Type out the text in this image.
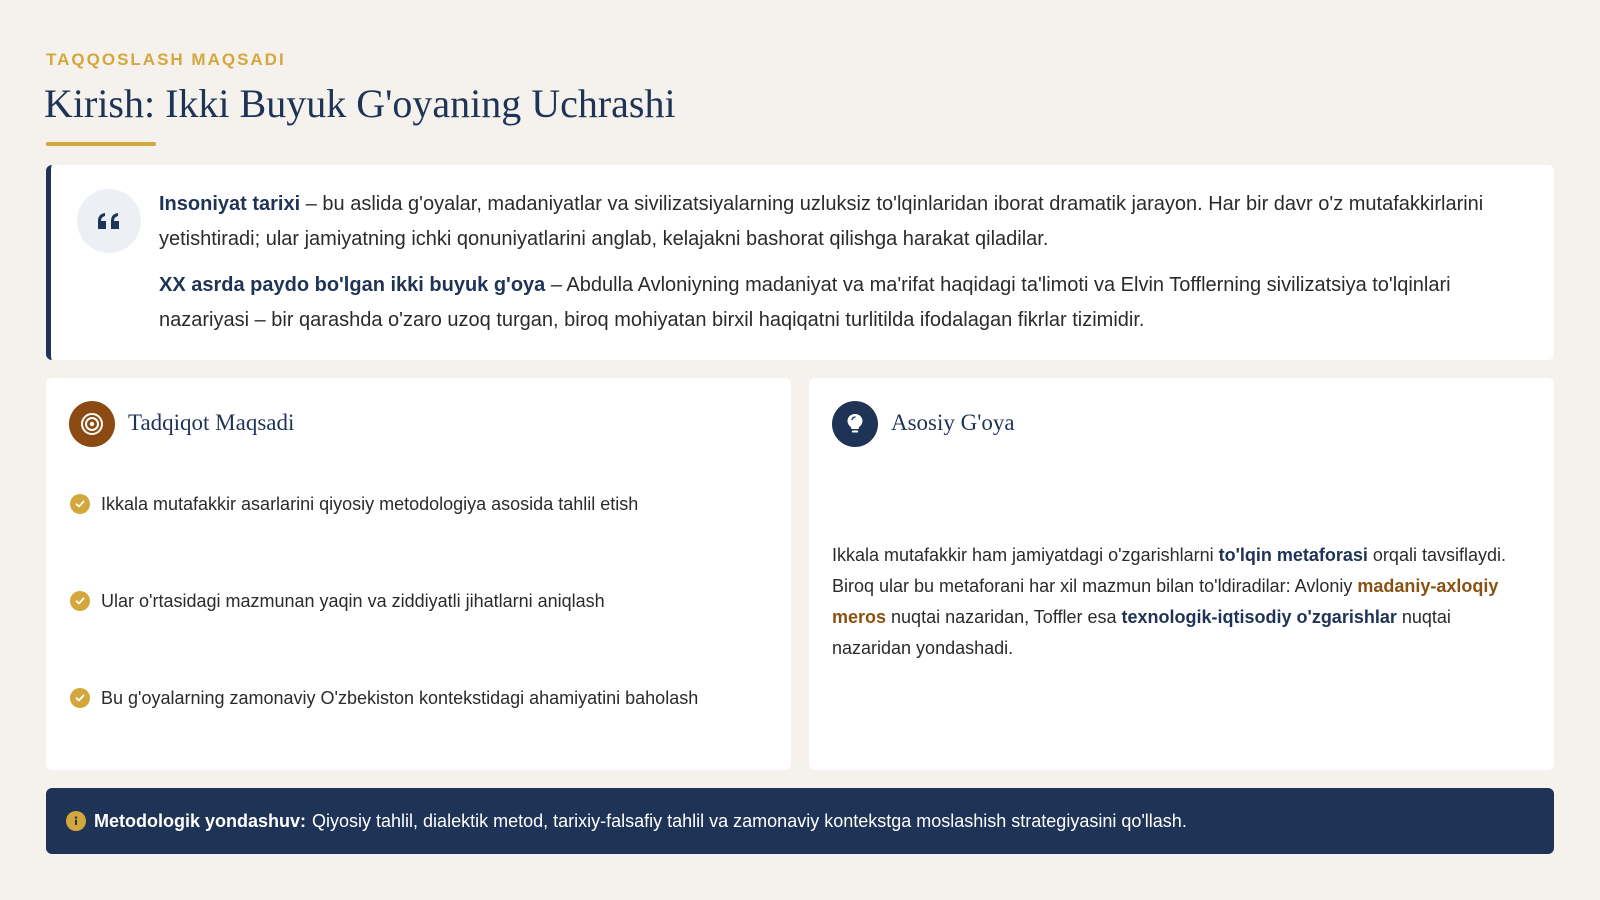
TAQQOSLASH MAQSADI
Kirish: Ikki Buyuk G'oyaning Uchrashi

Insoniyat tarixi – bu aslida g'oyalar, madaniyatlar va sivilizatsiyalarning uzluksiz to'lqinlaridan iborat dramatik jarayon. Har bir davr o'z mutafakkirlarini yetishtiradi; ular jamiyatning ichki qonuniyatlarini anglab, kelajakni bashorat qilishga harakat qiladilar.

XX asrda paydo bo'lgan ikki buyuk g'oya – Abdulla Avloniyning madaniyat va ma'rifat haqidagi ta'limoti va Elvin Tofflerning sivilizatsiya to'lqinlari nazariyasi – bir qarashda o'zaro uzoq turgan, biroq mohiyatan birxil haqiqatni turlitilda ifodalagan fikrlar tizimidir.

Tadqiqot Maqsadi
Ikkala mutafakkir asarlarini qiyosiy metodologiya asosida tahlil etish
Ular o'rtasidagi mazmunan yaqin va ziddiyatli jihatlarni aniqlash
Bu g'oyalarning zamonaviy O'zbekiston kontekstidagi ahamiyatini baholash
Asosiy G'oya

Ikkala mutafakkir ham jamiyatdagi o'zgarishlarni to'lqin metaforasi orqali tavsiflaydi. Biroq ular bu metaforani har xil mazmun bilan to'ldiradilar: Avloniy madaniy-axloqiy meros nuqtai nazaridan, Toffler esa texnologik-iqtisodiy o'zgarishlar nuqtai nazaridan yondashadi.

Metodologik yondashuv: Qiyosiy tahlil, dialektik metod, tarixiy-falsafiy tahlil va zamonaviy kontekstga moslashish strategiyasini qo'llash.
